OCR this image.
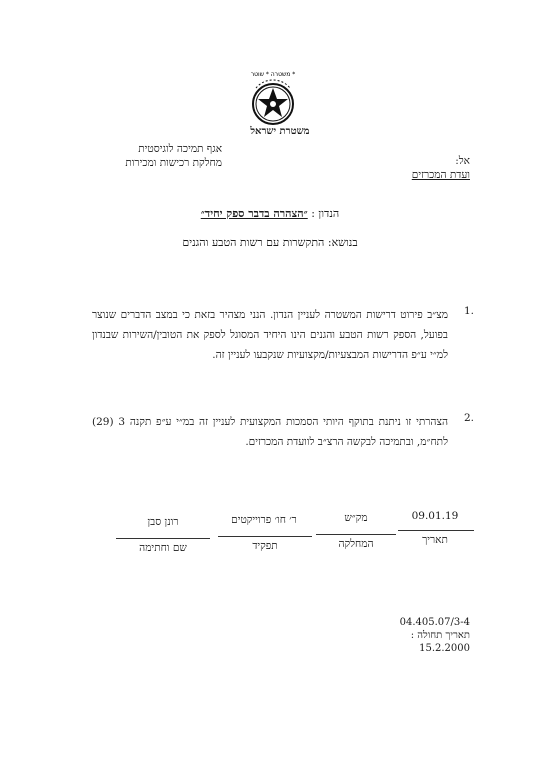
משטרה * שוטר *
משטרת ישראל
אגף תמיכה לוגיסטית
מחלקת רכישות ומכירות	אל:
ועדת המכרזים
הנדון : ״הצהרה בדבר ספק יחיד״
בנושא: התקשרות עם רשות הטבע והגנים
1.
מצ״ב פירוט דרישות המשטרה לעניין הנדון. הנני מצהיר בזאת כי במצב הדברים שנוצר בפועל, הספק רשות הטבע והגנים הינו היחיד המסוגל לספק את הטובין/השירות שבנדון למ״י ע״פ הדרישות המבצעיות/מקצועיות שנקבעו לעניין זה.
2.
הצהרתי זו ניתנת בתוקף היותי הסמכות המקצועית לעניין זה במ״י ע״פ תקנה 3 (29) לתח״מ, ובתמיכה לבקשה הרצ״ב לוועדת המכרזים.
09.01.19
תאריך
מק״ש
המחלקה
ר׳ חו׳ פרוייקטים
תפקיד
רונן סבן
שם וחתימה
04.405.07/3-4
תאריך תחולה : 15.2.2000
